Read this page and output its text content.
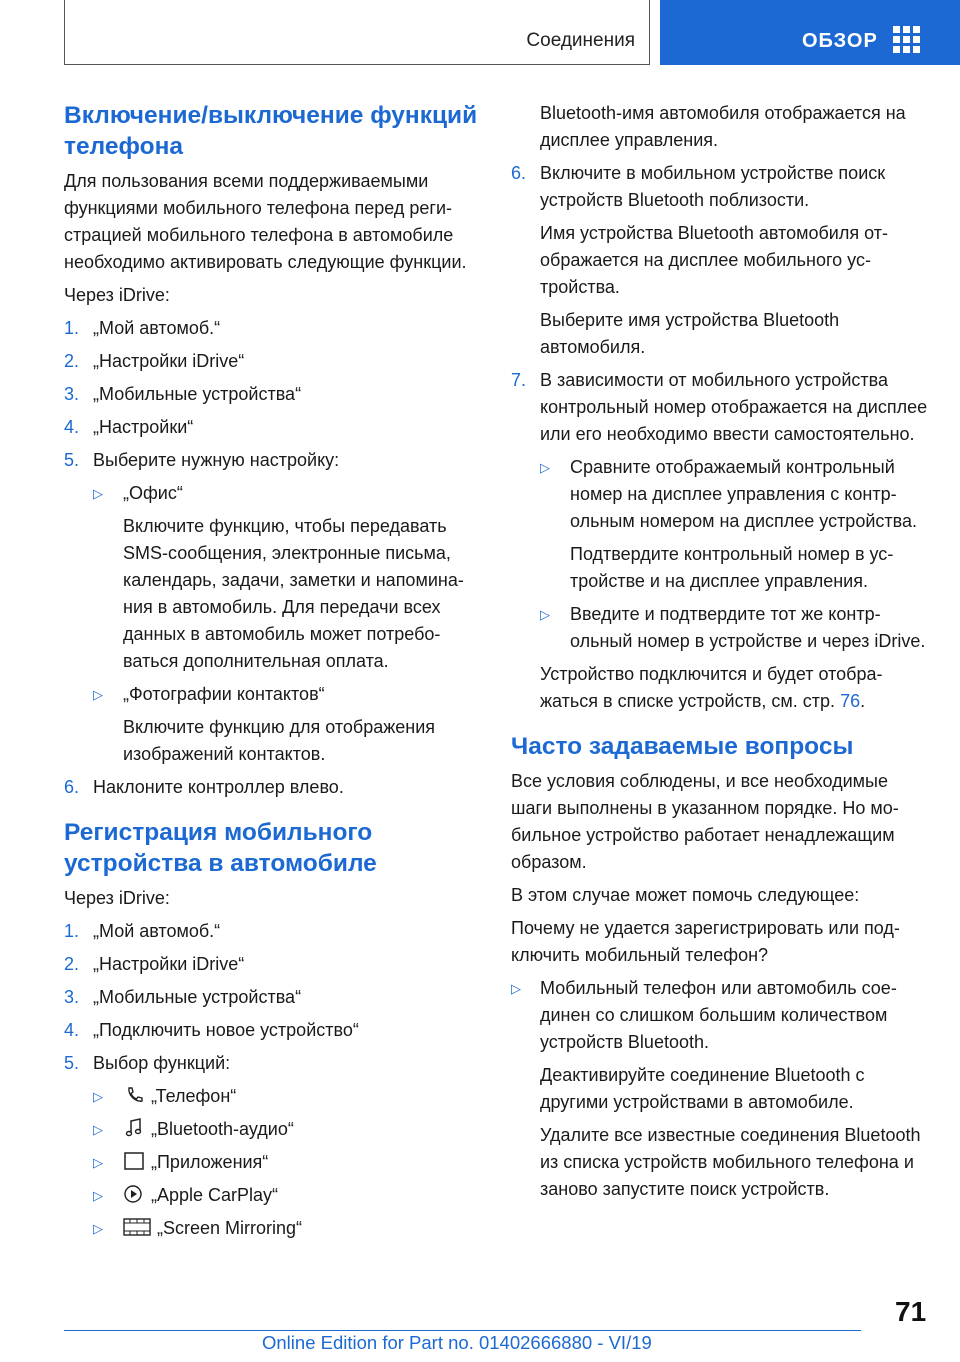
Соединения	ОБЗОР
Включение/выключение функций телефона

Для пользования всеми поддерживаемыми функциями мобильного телефона перед регистрацией мобильного телефона в автомобиле необходимо активировать следующие функции.

Через iDrive:

1. „Мой автомоб.“
2. „Настройки iDrive“
3. „Мобильные устройства“
4. „Настройки“
5. Выберите нужную настройку:
▷	„Офис“

Включите функцию, чтобы передавать SMS-сообщения, электронные письма, календарь, задачи, заметки и напоминания в автомобиль. Для передачи всех данных в автомобиль может потребоваться дополнительная оплата.

▷	„Фотографии контактов“

Включите функцию для отображения изображений контактов.

6. Наклоните контроллер влево.
Регистрация мобильного устройства в автомобиле

Через iDrive:

1. „Мой автомоб.“
2. „Настройки iDrive“
3. „Мобильные устройства“
4. „Подключить новое устройство“
5. Выбор функций:
▷	„Телефон“
▷	„Bluetooth-аудио“
▷	„Приложения“
▷	„Apple CarPlay“
▷	„Screen Mirroring“

Bluetooth-имя автомобиля отображается на дисплее управления.

6. Включите в мобильном устройстве поиск устройств Bluetooth поблизости.

Имя устройства Bluetooth автомобиля отображается на дисплее мобильного устройства.

Выберите имя устройства Bluetooth автомобиля.

7. В зависимости от мобильного устройства контрольный номер отображается на дисплее или его необходимо ввести самостоятельно.
▷	Сравните отображаемый контрольный номер на дисплее управления с контрольным номером на дисплее устройства.

Подтвердите контрольный номер в устройстве и на дисплее управления.

▷	Введите и подтвердите тот же контрольный номер в устройстве и через iDrive.

Устройство подключится и будет отображаться в списке устройств, см. стр. 76.

Часто задаваемые вопросы

Все условия соблюдены, и все необходимые шаги выполнены в указанном порядке. Но мобильное устройство работает ненадлежащим образом.

В этом случае может помочь следующее:

Почему не удается зарегистрировать или подключить мобильный телефон?

▷	Мобильный телефон или автомобиль соединен со слишком большим количеством устройств Bluetooth.

Деактивируйте соединение Bluetooth с другими устройствами в автомобиле.

Удалите все известные соединения Bluetooth из списка устройств мобильного телефона и заново запустите поиск устройств.

71
Online Edition for Part no. 01402666880 - VI/19
